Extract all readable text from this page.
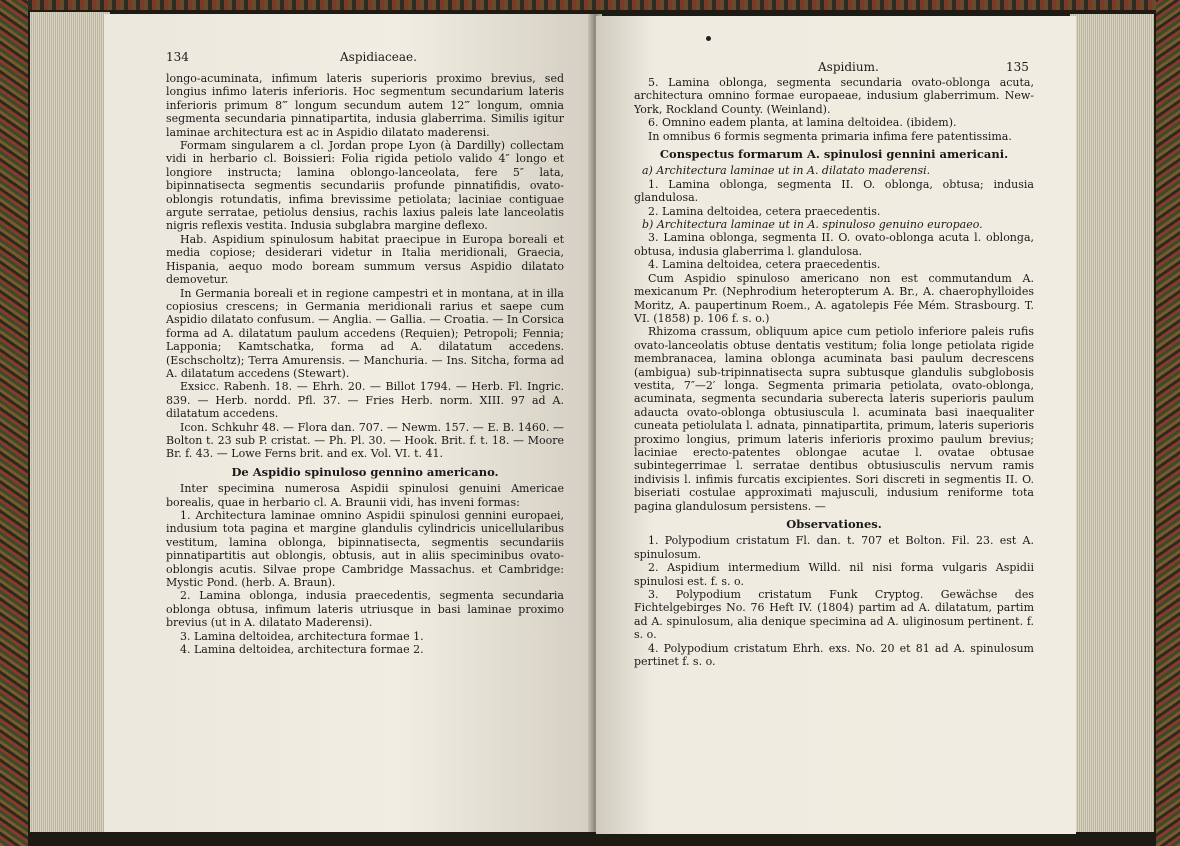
134	Aspidiaceae.

longo-acuminata, infimum lateris superioris proximo brevius, sed longius infimo lateris inferioris. Hoc segmentum secundarium lateris inferioris primum 8‴ longum secundum autem 12‴ longum, omnia segmenta secundaria pinnatipartita, indusia glaberrima. Similis igitur laminae architectura est ac in Aspidio dilatato maderensi.

Formam singularem a cl. Jordan prope Lyon (à Dardilly) collectam vidi in herbario cl. Boissieri: Folia rigida petiolo valido 4″ longo et longiore instructa; lamina oblongo-lanceolata, fere 5″ lata, bipinnatisecta segmentis secundariis profunde pinnatifidis, ovato-oblongis rotundatis, infima brevissime petiolata; laciniae contiguae argute serratae, petiolus densius, rachis laxius paleis late lanceolatis nigris reflexis vestita. Indusia subglabra margine deflexo.

Hab. Aspidium spinulosum habitat praecipue in Europa boreali et media copiose; desiderari videtur in Italia meridionali, Graecia, Hispania, aequo modo boream summum versus Aspidio dilatato demovetur.

In Germania boreali et in regione campestri et in montana, at in illa copiosius crescens; in Germania meridionali rarius et saepe cum Aspidio dilatato confusum. — Anglia. — Gallia. — Croatia. — In Corsica forma ad A. dilatatum paulum accedens (Requien); Petropoli; Fennia; Lapponia; Kamtschatka, forma ad A. dilatatum accedens. (Eschscholtz); Terra Amurensis. — Manchuria. — Ins. Sitcha, forma ad A. dilatatum accedens (Stewart).

Exsicc. Rabenh. 18. — Ehrh. 20. — Billot 1794. — Herb. Fl. Ingric. 839. — Herb. nordd. Pfl. 37. — Fries Herb. norm. XIII. 97 ad A. dilatatum accedens.

Icon. Schkuhr 48. — Flora dan. 707. — Newm. 157. — E. B. 1460. — Bolton t. 23 sub P. cristat. — Ph. Pl. 30. — Hook. Brit. f. t. 18. — Moore Br. f. 43. — Lowe Ferns brit. and ex. Vol. VI. t. 41.

De Aspidio spinuloso gennino americano.

Inter specimina numerosa Aspidii spinulosi genuini Americae borealis, quae in herbario cl. A. Braunii vidi, has inveni formas:

1. Architectura laminae omnino Aspidii spinulosi gennini europaei, indusium tota pagina et margine glandulis cylindricis unicellularibus vestitum, lamina oblonga, bipinnatisecta, segmentis secundariis pinnatipartitis aut oblongis, obtusis, aut in aliis speciminibus ovato-oblongis acutis. Silvae prope Cambridge Massachus. et Cambridge: Mystic Pond. (herb. A. Braun).

2. Lamina oblonga, indusia praecedentis, segmenta secundaria oblonga obtusa, infimum lateris utriusque in basi laminae proximo brevius (ut in A. dilatato Maderensi).

3. Lamina deltoidea, architectura formae 1.

4. Lamina deltoidea, architectura formae 2.

Aspidium.	135

5. Lamina oblonga, segmenta secundaria ovato-oblonga acuta, architectura omnino formae europaeae, indusium glaberrimum. New-York, Rockland County. (Weinland).

6. Omnino eadem planta, at lamina deltoidea. (ibidem).

In omnibus 6 formis segmenta primaria infima fere patentissima.

Conspectus formarum A. spinulosi gennini americani.

a) Architectura laminae ut in A. dilatato maderensi.

1. Lamina oblonga, segmenta II. O. oblonga, obtusa; indusia glandulosa.

2. Lamina deltoidea, cetera praecedentis.

b) Architectura laminae ut in A. spinuloso genuino europaeo.

3. Lamina oblonga, segmenta II. O. ovato-oblonga acuta l. oblonga, obtusa, indusia glaberrima l. glandulosa.

4. Lamina deltoidea, cetera praecedentis.

Cum Aspidio spinuloso americano non est commutandum A. mexicanum Pr. (Nephrodium heteropterum A. Br., A. chaerophylloides Moritz, A. paupertinum Roem., A. agatolepis Fée Mém. Strasbourg. T. VI. (1858) p. 106 f. s. o.)

Rhizoma crassum, obliquum apice cum petiolo inferiore paleis rufis ovato-lanceolatis obtuse dentatis vestitum; folia longe petiolata rigide membranacea, lamina oblonga acuminata basi paulum decrescens (ambigua) sub-tripinnatisecta supra subtusque glandulis subglobosis vestita, 7″—2′ longa. Segmenta primaria petiolata, ovato-oblonga, acuminata, segmenta secundaria suberecta lateris superioris paulum adaucta ovato-oblonga obtusiuscula l. acuminata basi inaequaliter cuneata petiolulata l. adnata, pinnatipartita, primum, lateris superioris proximo longius, primum lateris inferioris proximo paulum brevius; laciniae erecto-patentes oblongae acutae l. ovatae obtusae subintegerrimae l. serratae dentibus obtusiusculis nervum ramis indivisis l. infimis furcatis excipientes. Sori discreti in segmentis II. O. biseriati costulae approximati majusculi, indusium reniforme tota pagina glandulosum persistens. —

Observationes.

1. Polypodium cristatum Fl. dan. t. 707 et Bolton. Fil. 23. est A. spinulosum.

2. Aspidium intermedium Willd. nil nisi forma vulgaris Aspidii spinulosi est. f. s. o.

3. Polypodium cristatum Funk Cryptog. Gewächse des Fichtelgebirges No. 76 Heft IV. (1804) partim ad A. dilatatum, partim ad A. spinulosum, alia denique specimina ad A. uliginosum pertinent. f. s. o.

4. Polypodium cristatum Ehrh. exs. No. 20 et 81 ad A. spinulosum pertinet f. s. o.
